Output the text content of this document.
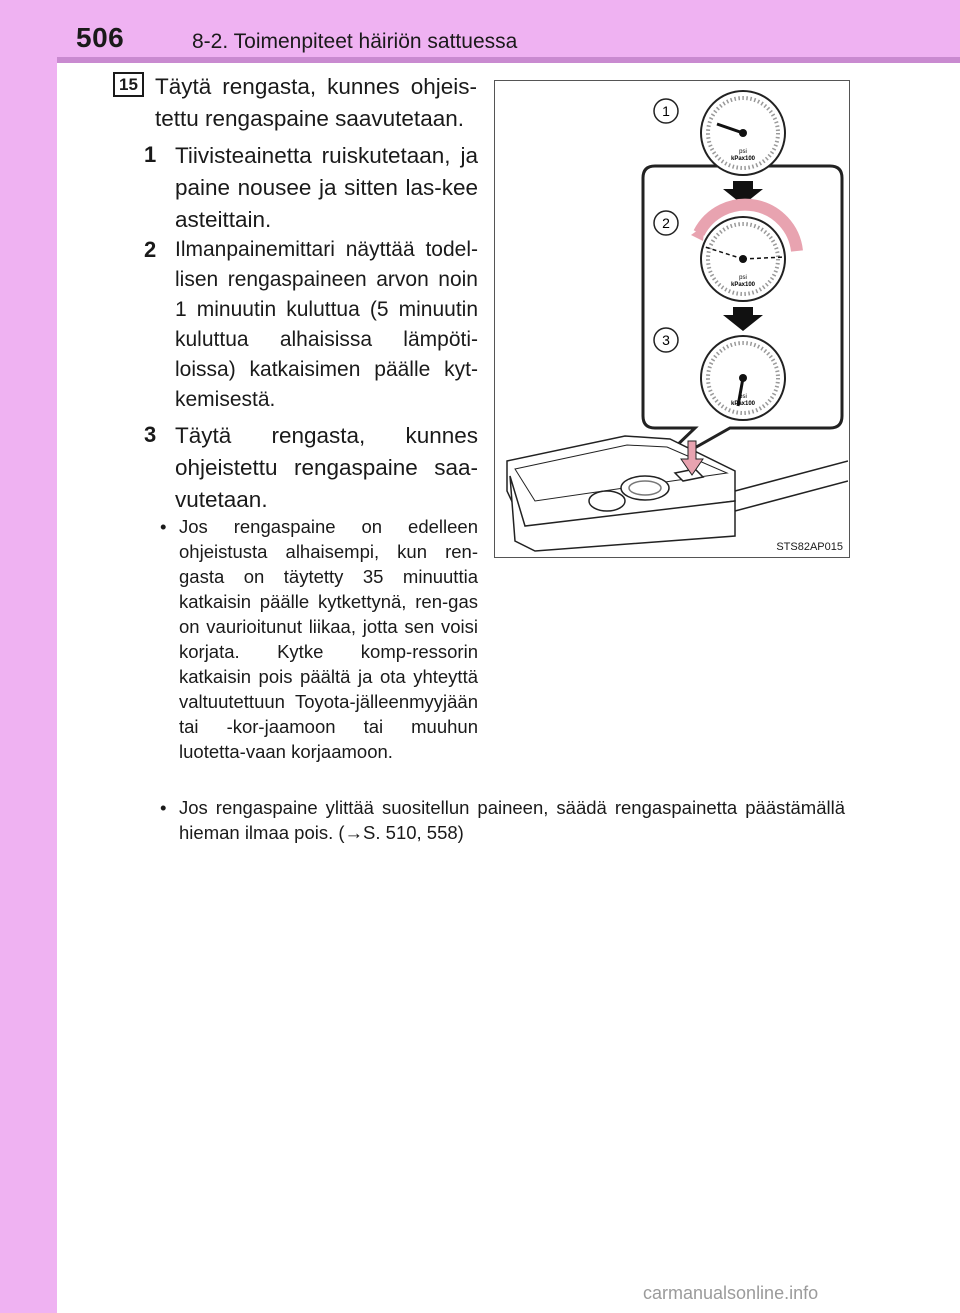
506	8-2. Toimenpiteet häiriön sattuessa
15 Täytä rengasta, kunnes ohjeis-tettu rengaspaine saavutetaan.
1 Tiivisteainetta ruiskutetaan, ja paine nousee ja sitten las-kee asteittain.
2 Ilmanpainemittari näyttää todel-lisen rengaspaineen arvon noin 1 minuutin kuluttua (5 minuutin kuluttua alhaisissa lämpöti-loissa) katkaisimen päälle kyt-kemisestä.
3 Täytä rengasta, kunnes ohjeistettu rengaspaine saa-vutetaan.
• Jos rengaspaine on edelleen ohjeistusta alhaisempi, kun ren-gasta on täytetty 35 minuuttia katkaisin päälle kytkettynä, ren-gas on vaurioitunut liikaa, jotta sen voisi korjata. Kytke komp-ressorin katkaisin pois päältä ja ota yhteyttä valtuutettuun Toyota-jälleenmyyjään tai -kor-jaamoon tai muuhun luotetta-vaan korjaamoon.
• Jos rengaspaine ylittää suositellun paineen, säädä rengaspainetta päästämällä hieman ilmaa pois. (→S. 510, 558)
1
2
3
psi
kPax100
psi
kPax100
psi
kPax100
STS82AP015
carmanualsonline.info
